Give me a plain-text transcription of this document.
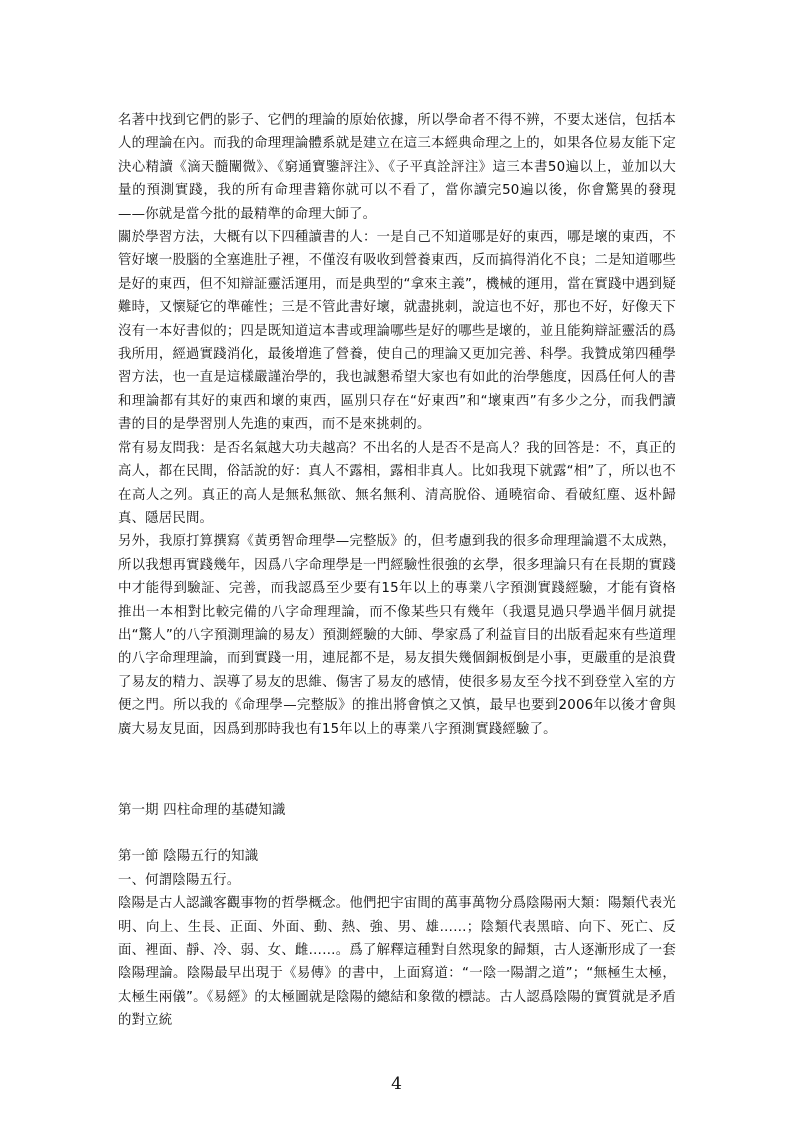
名著中找到它們的影子、它們的理論的原始依據，所以學命者不得不辨，不要太迷信，包括本人的理論在內。而我的命理理論體系就是建立在這三本經典命理之上的，如果各位易友能下定決心精讀《滴天髓闡微》、《窮通寶鑒評注》、《子平真詮評注》這三本書50遍以上，並加以大量的預測實踐，我的所有命理書籍你就可以不看了，當你讀完50遍以後，你會驚異的發現——你就是當今批的最精準的命理大師了。

關於學習方法，大概有以下四種讀書的人：一是自己不知道哪是好的東西，哪是壞的東西，不管好壞一股腦的全塞進肚子裡，不僅沒有吸收到營養東西，反而搞得消化不良；二是知道哪些是好的東西，但不知辯証靈活運用，而是典型的“拿來主義”，機械的運用，當在實踐中遇到疑難時，又懷疑它的準確性；三是不管此書好壞，就盡挑刺，說這也不好，那也不好，好像天下沒有一本好書似的；四是既知道這本書或理論哪些是好的哪些是壞的，並且能夠辯証靈活的爲我所用，經過實踐消化，最後增進了營養，使自己的理論又更加完善、科學。我贊成第四種學習方法，也一直是這樣嚴謹治學的，我也誠懇希望大家也有如此的治學態度，因爲任何人的書和理論都有其好的東西和壞的東西，區別只存在“好東西”和“壞東西”有多少之分，而我們讀書的目的是學習別人先進的東西，而不是來挑刺的。

常有易友問我：是否名氣越大功夫越高？不出名的人是否不是高人？我的回答是：不，真正的高人，都在民間，俗話說的好：真人不露相，露相非真人。比如我現下就露“相”了，所以也不在高人之列。真正的高人是無私無欲、無名無利、清高脫俗、通曉宿命、看破紅塵、返朴歸真、隱居民間。

另外，我原打算撰寫《黃勇智命理學—完整版》的，但考慮到我的很多命理理論還不太成熟，所以我想再實踐幾年，因爲八字命理學是一門經驗性很強的玄學，很多理論只有在長期的實踐中才能得到驗証、完善，而我認爲至少要有15年以上的專業八字預測實踐經驗，才能有資格推出一本相對比較完備的八字命理理論，而不像某些只有幾年（我還見過只學過半個月就提出“驚人”的八字預測理論的易友）預測經驗的大師、學家爲了利益盲目的出版看起來有些道理的八字命理理論，而到實踐一用，連屁都不是，易友損失幾個銅板倒是小事，更嚴重的是浪費了易友的精力、誤導了易友的思維、傷害了易友的感情，使很多易友至今找不到登堂入室的方便之門。所以我的《命理學—完整版》的推出將會慎之又慎，最早也要到2006年以後才會與廣大易友見面，因爲到那時我也有15年以上的專業八字預測實踐經驗了。

第一期 四柱命理的基礎知識

第一節 陰陽五行的知識

一、何謂陰陽五行。

陰陽是古人認識客觀事物的哲學概念。他們把宇宙間的萬事萬物分爲陰陽兩大類：陽類代表光明、向上、生長、正面、外面、動、熱、強、男、雄……；陰類代表黑暗、向下、死亡、反面、裡面、靜、冷、弱、女、雌……。爲了解釋這種對自然現象的歸類，古人逐漸形成了一套陰陽理論。陰陽最早出現于《易傳》的書中，上面寫道：“一陰一陽謂之道”；“無極生太極，太極生兩儀”。《易經》的太極圖就是陰陽的總結和象徵的標誌。古人認爲陰陽的實質就是矛盾的對立統

4
